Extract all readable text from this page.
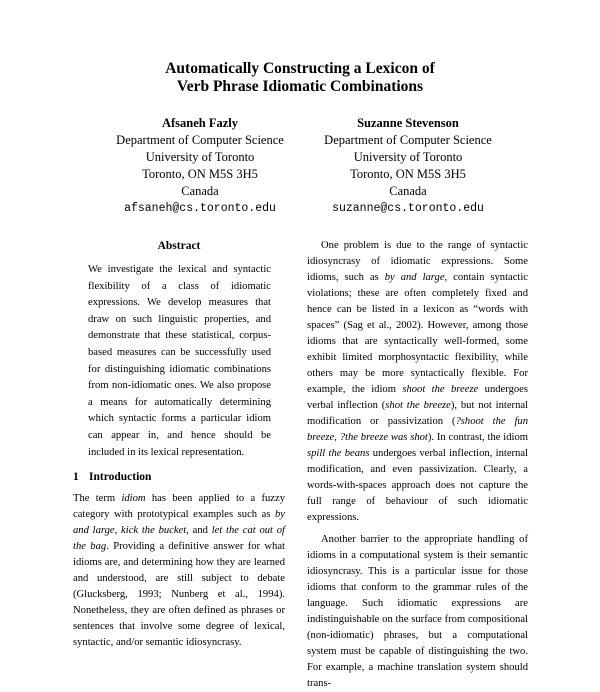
Automatically Constructing a Lexicon of
Verb Phrase Idiomatic Combinations
Afsaneh Fazly
Department of Computer Science
University of Toronto
Toronto, ON M5S 3H5
Canada
afsaneh@cs.toronto.edu
Suzanne Stevenson
Department of Computer Science
University of Toronto
Toronto, ON M5S 3H5
Canada
suzanne@cs.toronto.edu
Abstract
We investigate the lexical and syntactic flexibility of a class of idiomatic expressions. We develop measures that draw on such linguistic properties, and demonstrate that these statistical, corpus-based measures can be successfully used for distinguishing idiomatic combinations from non-idiomatic ones. We also propose a means for automatically determining which syntactic forms a particular idiom can appear in, and hence should be included in its lexical representation.
1 Introduction

The term idiom has been applied to a fuzzy category with prototypical examples such as by and large, kick the bucket, and let the cat out of the bag. Providing a definitive answer for what idioms are, and determining how they are learned and understood, are still subject to debate (Glucksberg, 1993; Nunberg et al., 1994). Nonetheless, they are often defined as phrases or sentences that involve some degree of lexical, syntactic, and/or semantic idiosyncrasy.

One problem is due to the range of syntactic idiosyncrasy of idiomatic expressions. Some idioms, such as by and large, contain syntactic violations; these are often completely fixed and hence can be listed in a lexicon as “words with spaces” (Sag et al., 2002). However, among those idioms that are syntactically well-formed, some exhibit limited morphosyntactic flexibility, while others may be more syntactically flexible. For example, the idiom shoot the breeze undergoes verbal inflection (shot the breeze), but not internal modification or passivization (?shoot the fun breeze, ?the breeze was shot). In contrast, the idiom spill the beans undergoes verbal inflection, internal modification, and even passivization. Clearly, a words-with-spaces approach does not capture the full range of behaviour of such idiomatic expressions.

Another barrier to the appropriate handling of idioms in a computational system is their semantic idiosyncrasy. This is a particular issue for those idioms that conform to the grammar rules of the language. Such idiomatic expressions are indistinguishable on the surface from compositional (non-idiomatic) phrases, but a computational system must be capable of distinguishing the two. For example, a machine translation system should trans-
